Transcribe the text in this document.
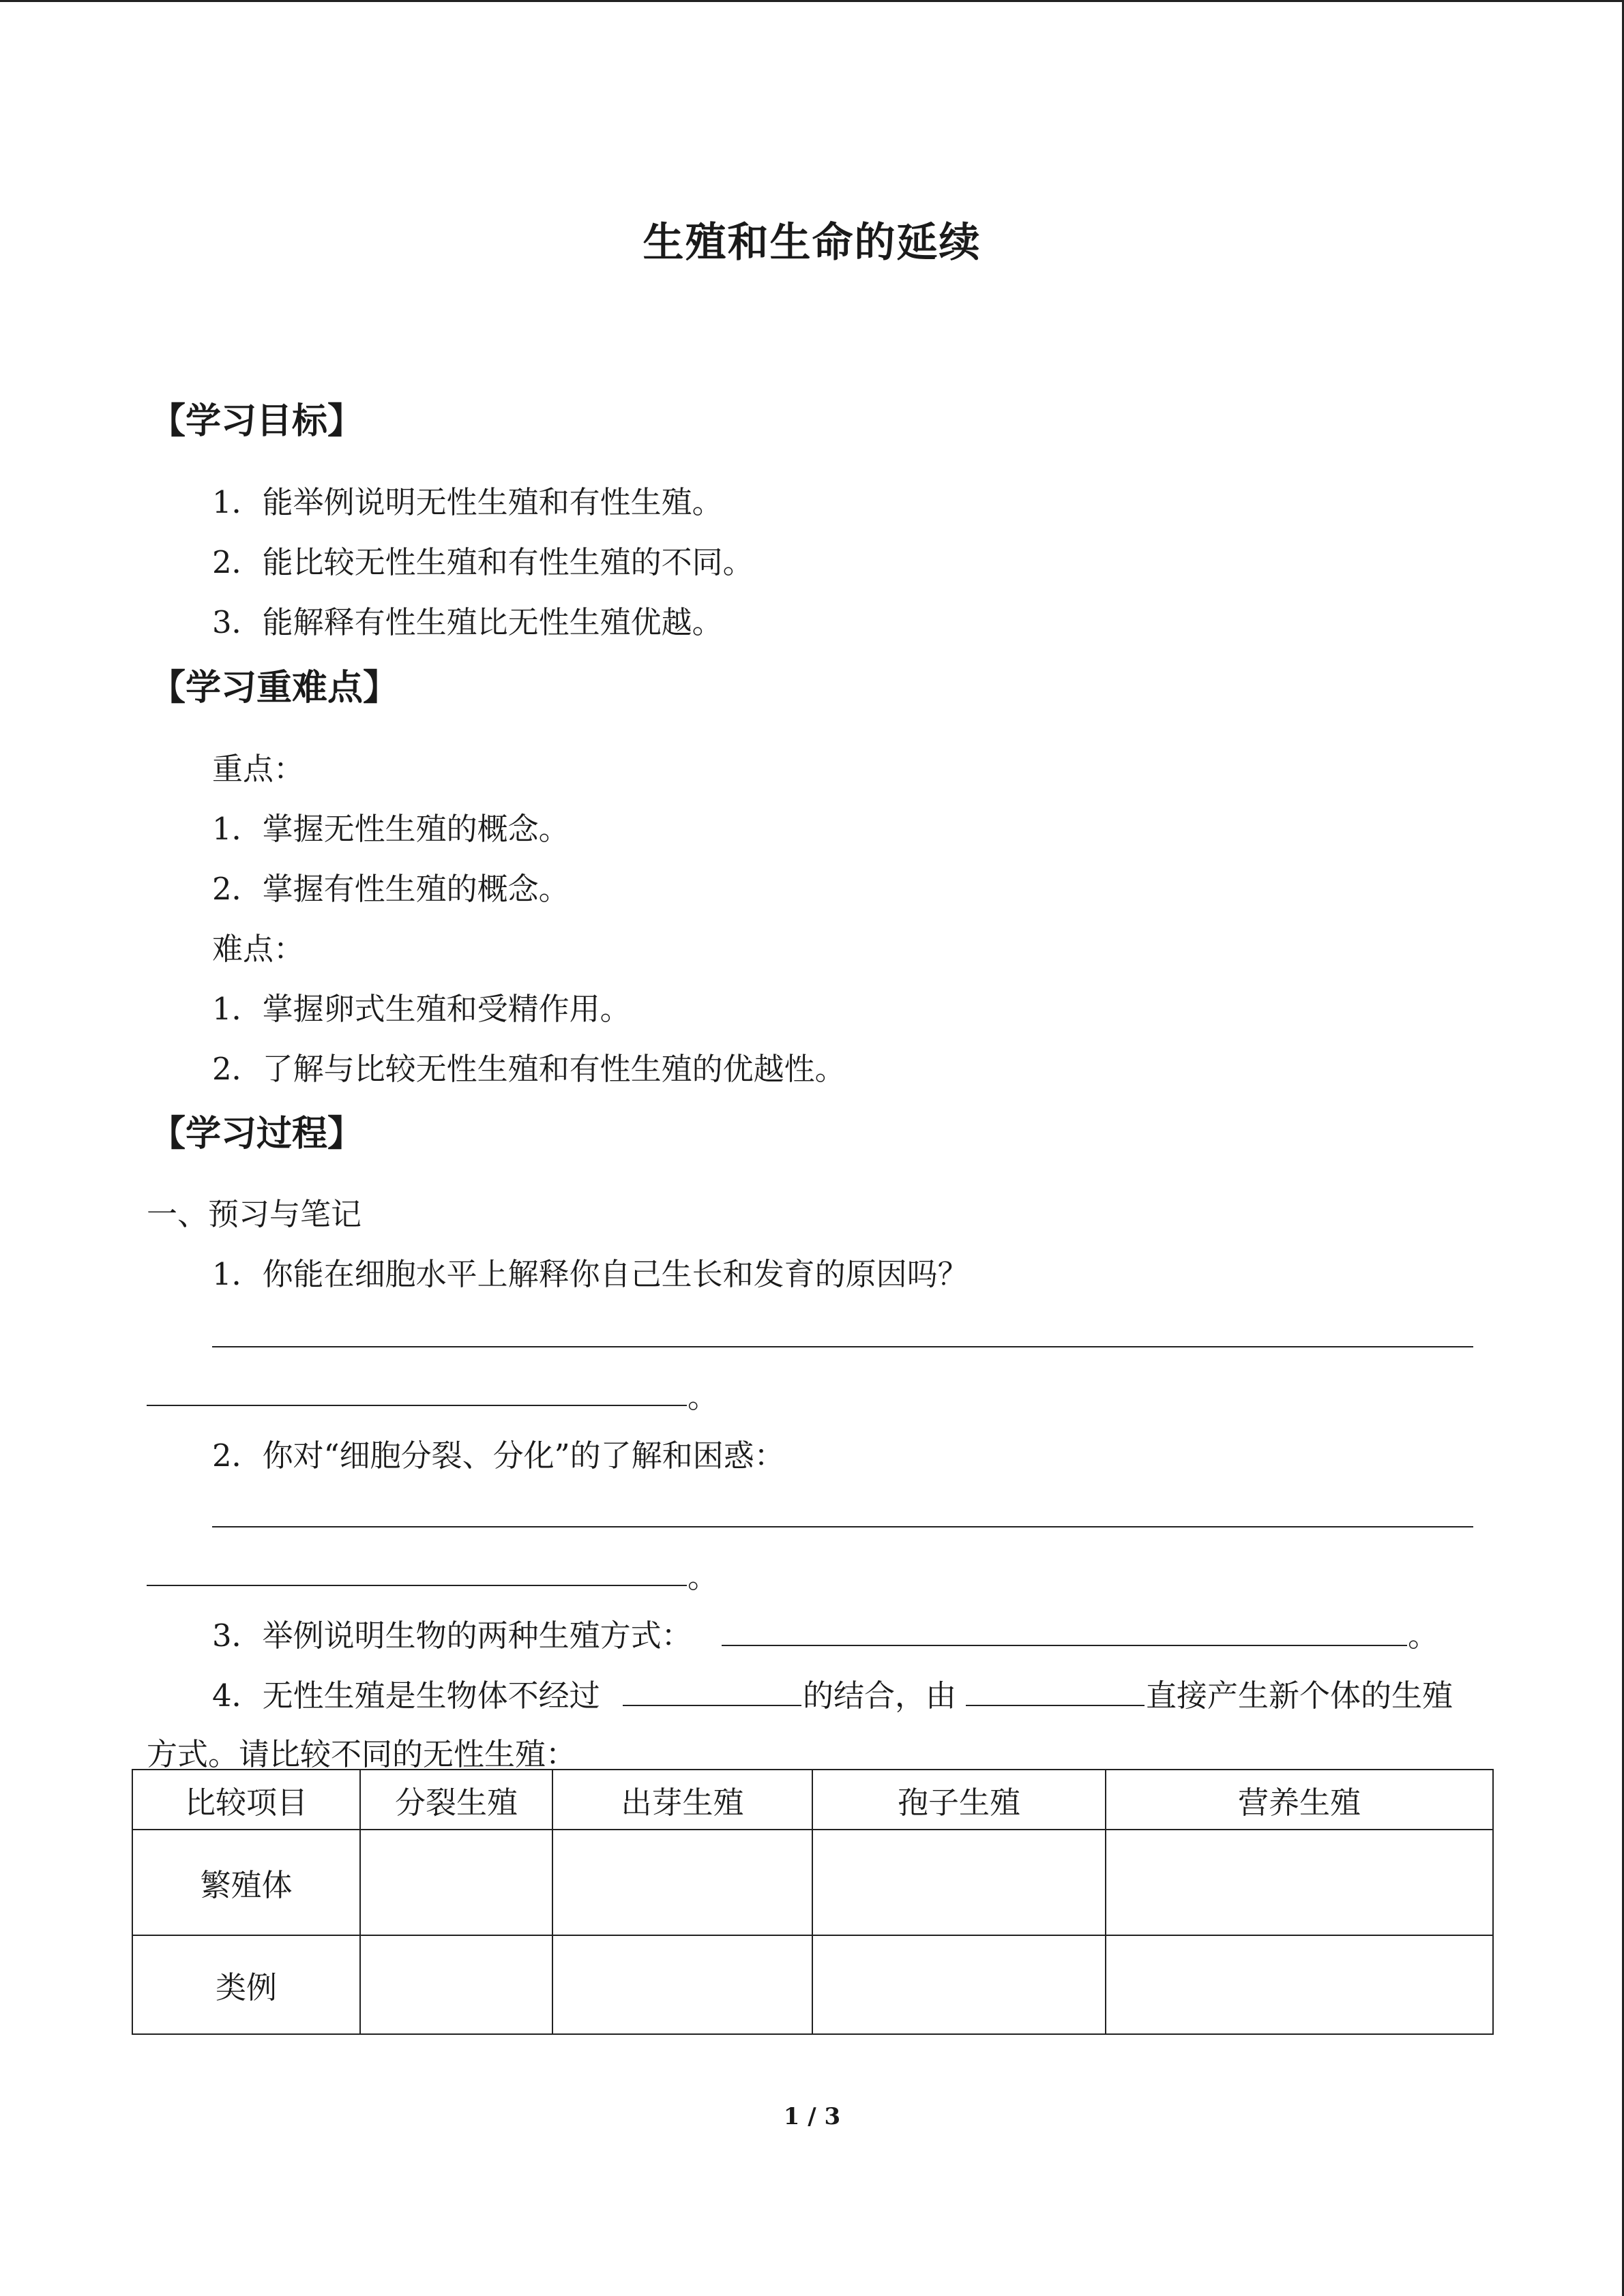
生殖和生命的延续
【学习目标】
1．能举例说明无性生殖和有性生殖。
2．能比较无性生殖和有性生殖的不同。
3．能解释有性生殖比无性生殖优越。
【学习重难点】
重点：
1．掌握无性生殖的概念。
2．掌握有性生殖的概念。
难点：
1．掌握卵式生殖和受精作用。
2．了解与比较无性生殖和有性生殖的优越性。
【学习过程】
一、预习与笔记
1．你能在细胞水平上解释你自己生长和发育的原因吗？
。
2．你对“细胞分裂、分化”的了解和困惑：
。
3．举例说明生物的两种生殖方式：	。
4．无性生殖是生物体不经过	的结合，由	直接产生新个体的生殖
方式。请比较不同的无性生殖：
比较项目	分裂生殖	出芽生殖	孢子生殖	营养生殖
繁殖体				
类例				
1 / 3
